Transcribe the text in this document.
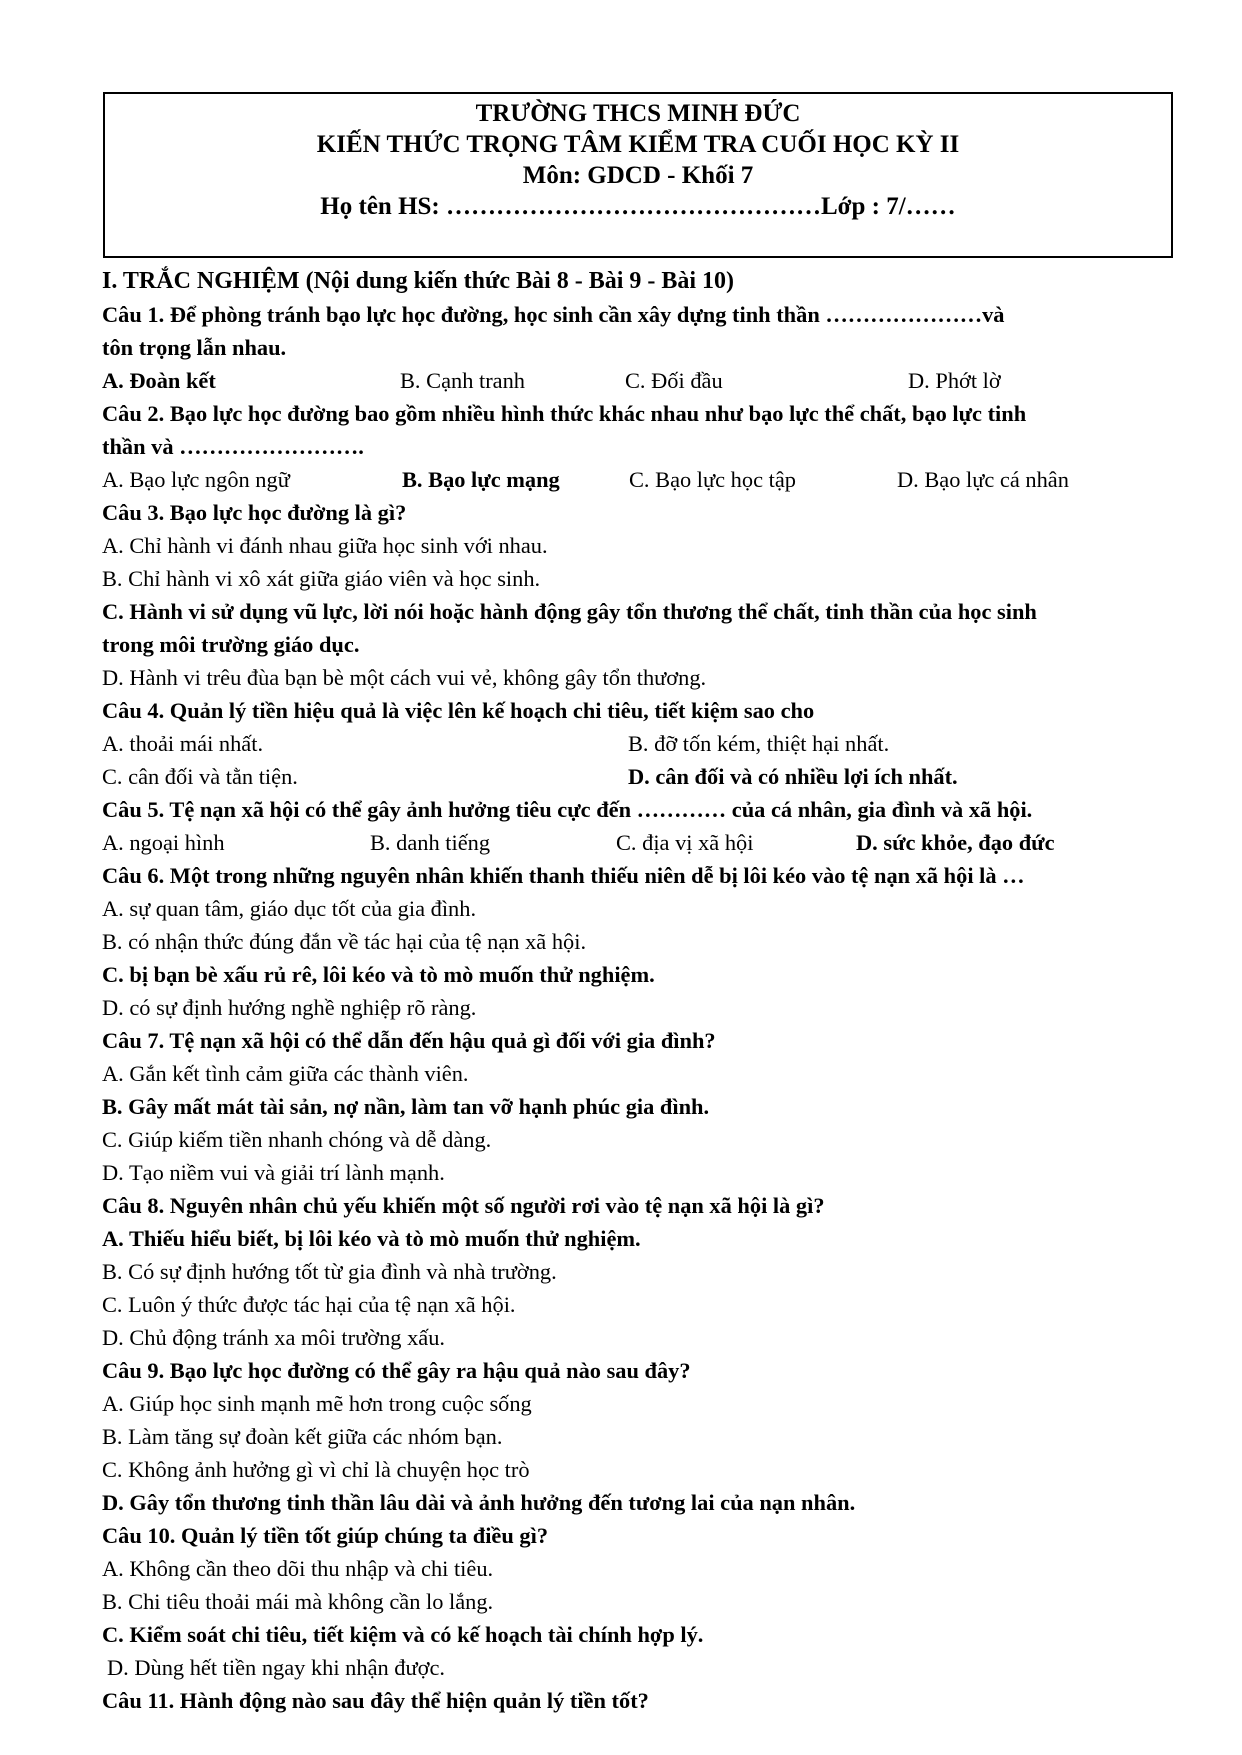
TRƯỜNG THCS MINH ĐỨC
KIẾN THỨC TRỌNG TÂM KIỂM TRA CUỐI HỌC KỲ II
Môn: GDCD - Khối 7
Họ tên HS: ………………………………………Lớp : 7/……
I. TRẮC NGHIỆM (Nội dung kiến thức Bài 8 - Bài 9 - Bài 10)
Câu 1. Để phòng tránh bạo lực học đường, học sinh cần xây dựng tinh thần …………………và
tôn trọng lẫn nhau.
A. Đoàn kết	B. Cạnh tranh	C. Đối đầu	D. Phớt lờ
Câu 2. Bạo lực học đường bao gồm nhiều hình thức khác nhau như bạo lực thể chất, bạo lực tinh
thần và …………………….
A. Bạo lực ngôn ngữ	B. Bạo lực mạng	C. Bạo lực học tập	D. Bạo lực cá nhân
Câu 3. Bạo lực học đường là gì?
A. Chỉ hành vi đánh nhau giữa học sinh với nhau.
B. Chỉ hành vi xô xát giữa giáo viên và học sinh.
C. Hành vi sử dụng vũ lực, lời nói hoặc hành động gây tổn thương thể chất, tinh thần của học sinh
trong môi trường giáo dục.
D. Hành vi trêu đùa bạn bè một cách vui vẻ, không gây tổn thương.
Câu 4. Quản lý tiền hiệu quả là việc lên kế hoạch chi tiêu, tiết kiệm sao cho
A. thoải mái nhất.	B. đỡ tốn kém, thiệt hại nhất.
C. cân đối và tằn tiện.	D. cân đối và có nhiều lợi ích nhất.
Câu 5. Tệ nạn xã hội có thể gây ảnh hưởng tiêu cực đến ………… của cá nhân, gia đình và xã hội.
A. ngoại hình	B. danh tiếng	C. địa vị xã hội	D. sức khỏe, đạo đức
Câu 6. Một trong những nguyên nhân khiến thanh thiếu niên dễ bị lôi kéo vào tệ nạn xã hội là …
A. sự quan tâm, giáo dục tốt của gia đình.
B. có nhận thức đúng đắn về tác hại của tệ nạn xã hội.
C. bị bạn bè xấu rủ rê, lôi kéo và tò mò muốn thử nghiệm.
D. có sự định hướng nghề nghiệp rõ ràng.
Câu 7. Tệ nạn xã hội có thể dẫn đến hậu quả gì đối với gia đình?
A. Gắn kết tình cảm giữa các thành viên.
B. Gây mất mát tài sản, nợ nần, làm tan vỡ hạnh phúc gia đình.
C. Giúp kiếm tiền nhanh chóng và dễ dàng.
D. Tạo niềm vui và giải trí lành mạnh.
Câu 8. Nguyên nhân chủ yếu khiến một số người rơi vào tệ nạn xã hội là gì?
A. Thiếu hiểu biết, bị lôi kéo và tò mò muốn thử nghiệm.
B. Có sự định hướng tốt từ gia đình và nhà trường.
C. Luôn ý thức được tác hại của tệ nạn xã hội.
D. Chủ động tránh xa môi trường xấu.
Câu 9. Bạo lực học đường có thể gây ra hậu quả nào sau đây?
A. Giúp học sinh mạnh mẽ hơn trong cuộc sống
B. Làm tăng sự đoàn kết giữa các nhóm bạn.
C. Không ảnh hưởng gì vì chỉ là chuyện học trò
D. Gây tổn thương tinh thần lâu dài và ảnh hưởng đến tương lai của nạn nhân.
Câu 10. Quản lý tiền tốt giúp chúng ta điều gì?
A. Không cần theo dõi thu nhập và chi tiêu.
B. Chi tiêu thoải mái mà không cần lo lắng.
C. Kiểm soát chi tiêu, tiết kiệm và có kế hoạch tài chính hợp lý.
D. Dùng hết tiền ngay khi nhận được.
Câu 11. Hành động nào sau đây thể hiện quản lý tiền tốt?
